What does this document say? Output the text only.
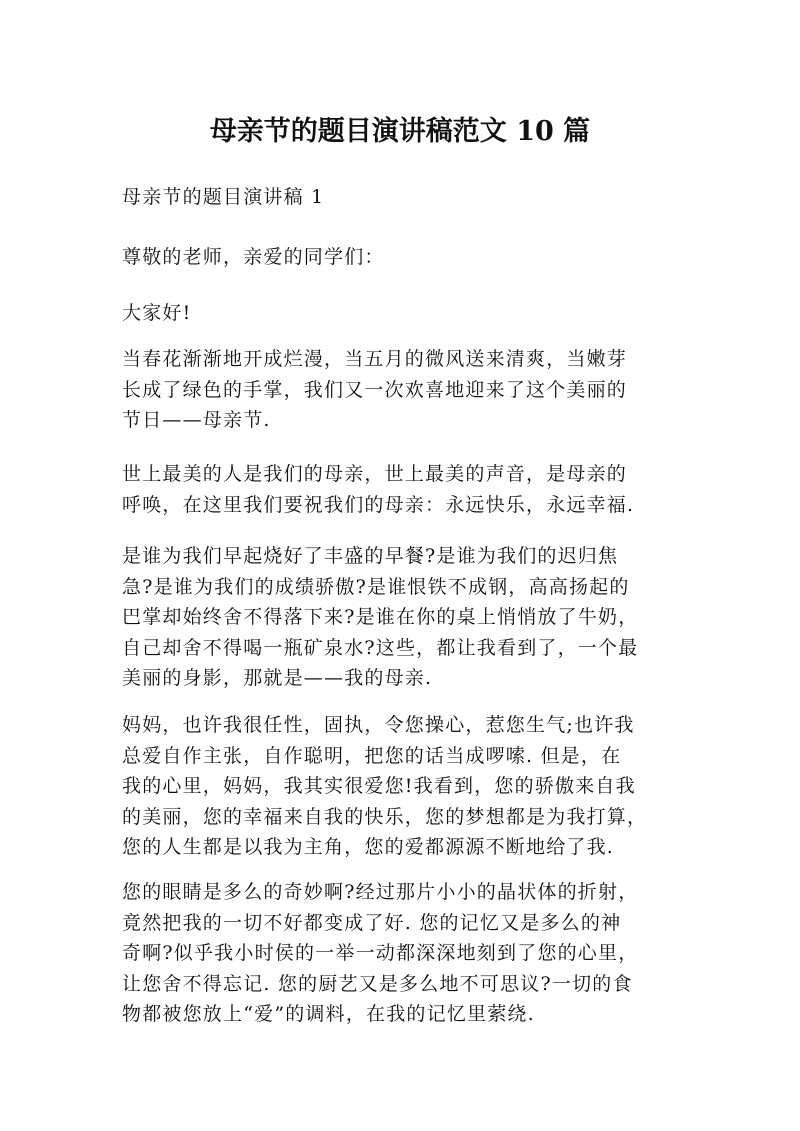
母亲节的题目演讲稿范文 10 篇
母亲节的题目演讲稿 1
尊敬的老师，亲爱的同学们：
大家好!
当春花渐渐地开成烂漫，当五月的微风送来清爽，当嫩芽
长成了绿色的手掌，我们又一次欢喜地迎来了这个美丽的
节日——母亲节.
世上最美的人是我们的母亲，世上最美的声音，是母亲的
呼唤，在这里我们要祝我们的母亲：永远快乐，永远幸福.
是谁为我们早起烧好了丰盛的早餐?是谁为我们的迟归焦
急?是谁为我们的成绩骄傲?是谁恨铁不成钢，高高扬起的
巴掌却始终舍不得落下来?是谁在你的桌上悄悄放了牛奶，
自己却舍不得喝一瓶矿泉水?这些，都让我看到了，一个最
美丽的身影，那就是——我的母亲.
妈妈，也许我很任性，固执，令您操心，惹您生气;也许我
总爱自作主张，自作聪明，把您的话当成啰嗦. 但是，在
我的心里，妈妈，我其实很爱您!我看到，您的骄傲来自我
的美丽，您的幸福来自我的快乐，您的梦想都是为我打算，
您的人生都是以我为主角，您的爱都源源不断地给了我.
您的眼睛是多么的奇妙啊?经过那片小小的晶状体的折射，
竟然把我的一切不好都变成了好. 您的记忆又是多么的神
奇啊?似乎我小时侯的一举一动都深深地刻到了您的心里，
让您舍不得忘记. 您的厨艺又是多么地不可思议?一切的食
物都被您放上“爱”的调料，在我的记忆里萦绕.
